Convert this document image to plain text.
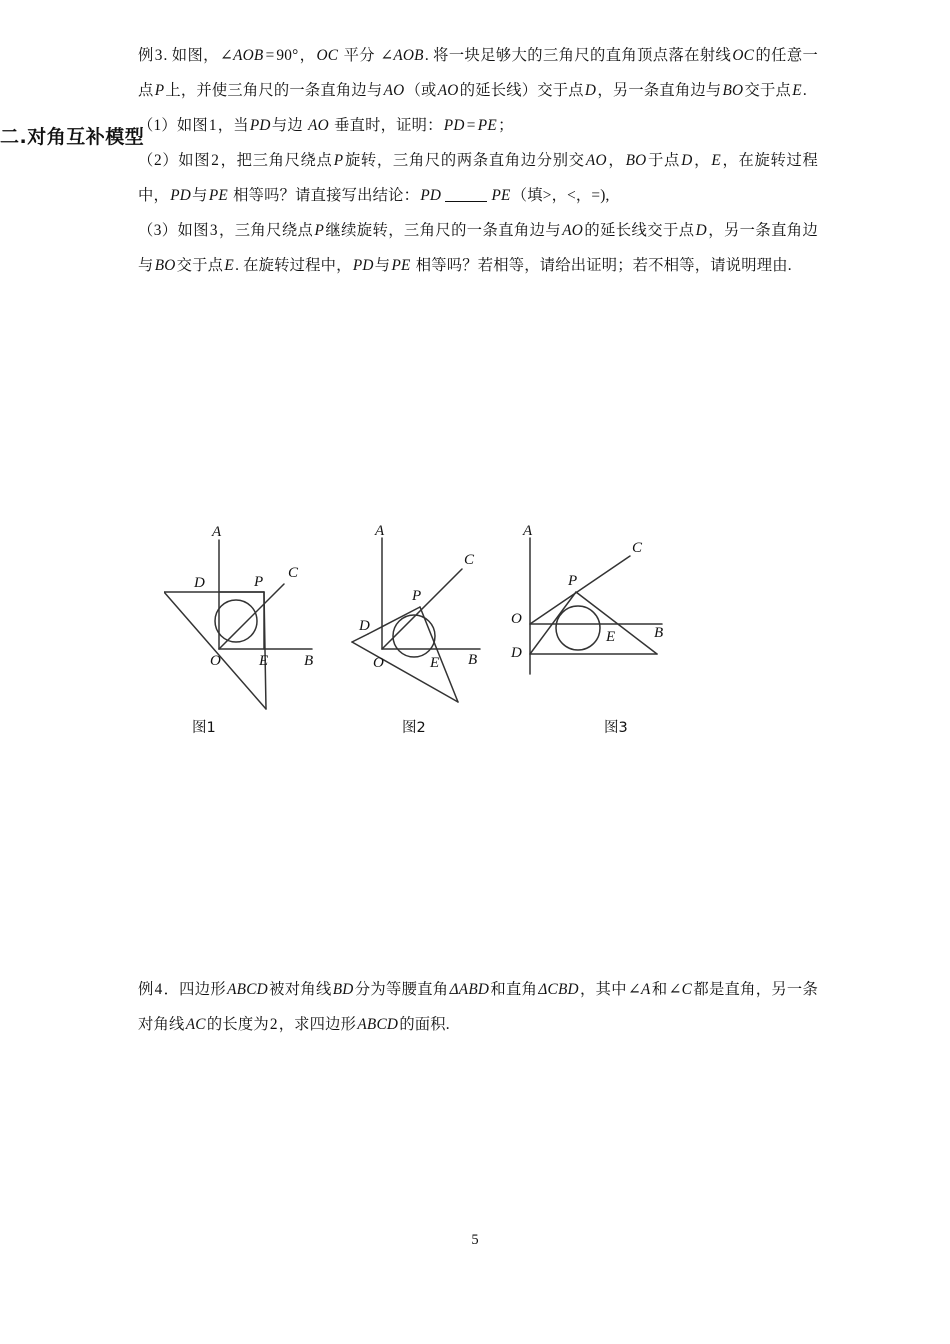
二.对角互补模型

例3. 如图，∠AOB = 90°，OC 平分 ∠AOB. 将一块足够大的三角尺的直角顶点落在射线OC的任意一点P上，并使三角尺的一条直角边与AO（或AO的延长线）交于点D，另一条直角边与BO交于点E.

（1）如图1，当PD与边 AO 垂直时，证明：PD = PE；

（2）如图2，把三角尺绕点P旋转，三角尺的两条直角边分别交AO，BO于点D，E，在旋转过程中，PD与PE 相等吗？请直接写出结论：PD	PE（填>，<，=),

（3）如图3，三角尺绕点P继续旋转，三角尺的一条直角边与AO的延长线交于点D，另一条直角边与BO交于点E. 在旋转过程中，PD与PE 相等吗？若相等，请给出证明；若不相等，请说明理由.

A
C
D	P
O	E B
图1
A
C
D
P
O	E B
图2
A
C
P
O
D
E	B
图3

例4．四边形ABCD被对角线BD分为等腰直角ΔABD和直角ΔCBD，其中∠A和∠C都是直角，另一条对角线AC的长度为2，求四边形ABCD的面积.

5
